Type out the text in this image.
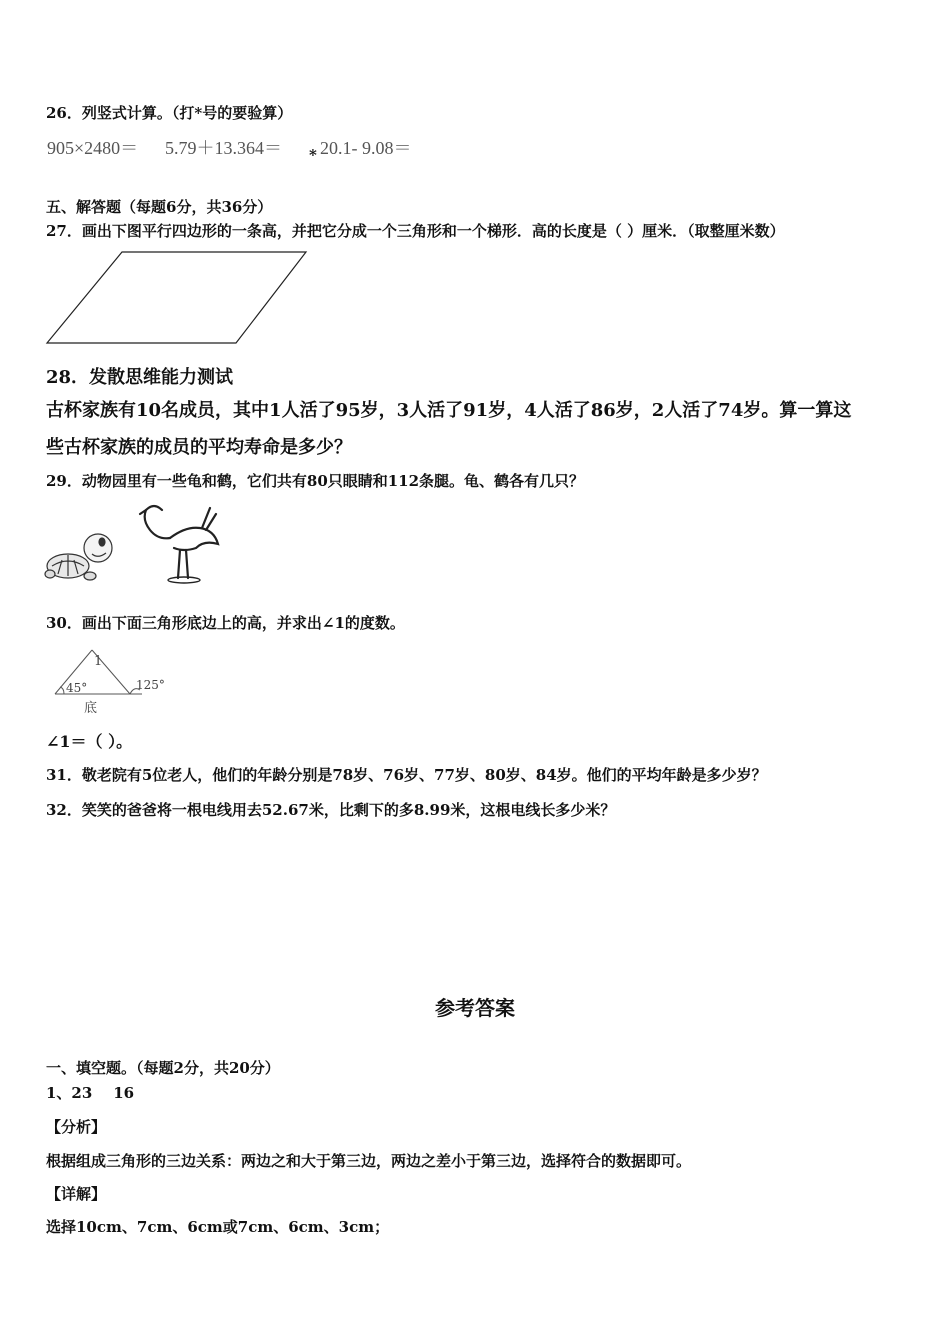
26．列竖式计算。（打*号的要验算）
905×2480＝ 5.79＋13.364＝ * 20.1- 9.08＝
五、解答题（每题6分，共36分）
27．画出下图平行四边形的一条高，并把它分成一个三角形和一个梯形．高的长度是（ ）厘米．（取整厘米数）
28．发散思维能力测试
古杯家族有10名成员，其中1人活了95岁，3人活了91岁，4人活了86岁，2人活了74岁。算一算这
些古杯家族的成员的平均寿命是多少？
29．动物园里有一些龟和鹤，它们共有80只眼睛和112条腿。龟、鹤各有几只？
30．画出下面三角形底边上的高，并求出∠1的度数。
1
45°	125°
底
∠1＝（ ）。
31．敬老院有5位老人，他们的年龄分别是78岁、76岁、77岁、80岁、84岁。他们的平均年龄是多少岁？
32．笑笑的爸爸将一根电线用去52.67米，比剩下的多8.99米，这根电线长多少米？
参考答案
一、填空题。（每题2分，共20分）
1、23    16
【分析】
根据组成三角形的三边关系：两边之和大于第三边，两边之差小于第三边，选择符合的数据即可。
【详解】
选择10cm、7cm、6cm或7cm、6cm、3cm；
